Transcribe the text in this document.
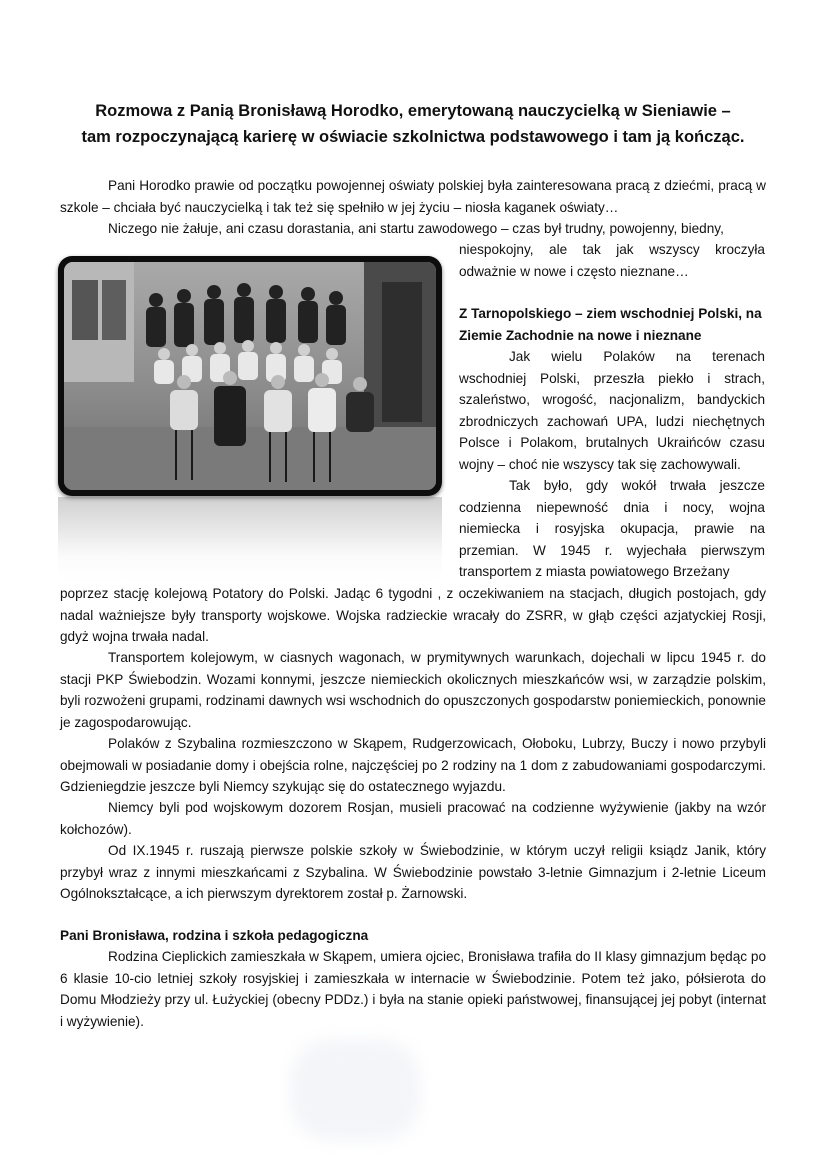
Rozmowa z Panią Bronisławą Horodko, emerytowaną nauczycielką w Sieniawie –
tam rozpoczynającą karierę w oświacie szkolnictwa podstawowego i tam ją kończąc.
Pani Horodko prawie od początku powojennej oświaty polskiej była zainteresowana pracą z dziećmi, pracą w szkole – chciała być nauczycielką i tak też się spełniło w jej życiu – niosła kaganek oświaty…
Niczego nie żałuje, ani czasu dorastania, ani startu zawodowego – czas był trudny, powojenny, biedny,
niespokojny, ale tak jak wszyscy kroczyła odważnie w nowe i często nieznane…
Z Tarnopolskiego – ziem wschodniej Polski, na Ziemie Zachodnie na nowe i nieznane
Jak wielu Polaków na terenach wschodniej Polski, przeszła piekło i strach, szaleństwo, wrogość, nacjonalizm, bandyckich zbrodniczych zachowań UPA, ludzi niechętnych Polsce i Polakom, brutalnych Ukraińców czasu wojny – choć nie wszyscy tak się zachowywali.
Tak było, gdy wokół trwała jeszcze codzienna niepewność dnia i nocy, wojna niemiecka i rosyjska okupacja, prawie na przemian. W 1945 r. wyjechała pierwszym transportem z miasta powiatowego Brzeżany
poprzez stację kolejową Potatory do Polski. Jadąc 6 tygodni , z oczekiwaniem na stacjach, długich postojach, gdy nadal ważniejsze były transporty wojskowe. Wojska radzieckie wracały do ZSRR, w głąb części azjatyckiej Rosji, gdyż wojna trwała nadal.
Transportem kolejowym, w ciasnych wagonach, w prymitywnych warunkach, dojechali w lipcu 1945 r. do stacji PKP Świebodzin. Wozami konnymi, jeszcze niemieckich okolicznych mieszkańców wsi, w zarządzie polskim, byli rozwożeni grupami, rodzinami dawnych wsi wschodnich do opuszczonych gospodarstw poniemieckich, ponownie je zagospodarowując.
Polaków z Szybalina rozmieszczono w Skąpem, Rudgerzowicach, Ołoboku, Lubrzy, Buczy i nowo przybyli obejmowali w posiadanie domy i obejścia rolne, najczęściej po 2 rodziny na 1 dom z zabudowaniami gospodarczymi. Gdzieniegdzie jeszcze byli Niemcy szykując się do ostatecznego wyjazdu.
Niemcy byli pod wojskowym dozorem Rosjan, musieli pracować na codzienne wyżywienie (jakby na wzór kołchozów).
Od IX.1945 r. ruszają pierwsze polskie szkoły w Świebodzinie, w którym uczył religii ksiądz Janik, który przybył wraz z innymi mieszkańcami z Szybalina. W Świebodzinie powstało 3-letnie Gimnazjum i 2-letnie Liceum Ogólnokształcące, a ich pierwszym dyrektorem został p. Żarnowski.
Pani Bronisława, rodzina i szkoła pedagogiczna
Rodzina Cieplickich zamieszkała w Skąpem, umiera ojciec, Bronisława trafiła do II klasy gimnazjum będąc po 6 klasie 10-cio letniej szkoły rosyjskiej i zamieszkała w internacie w Świebodzinie. Potem też jako, półsierota do Domu Młodzieży przy ul. Łużyckiej (obecny PDDz.) i była na stanie opieki państwowej, finansującej jej pobyt (internat i wyżywienie).
